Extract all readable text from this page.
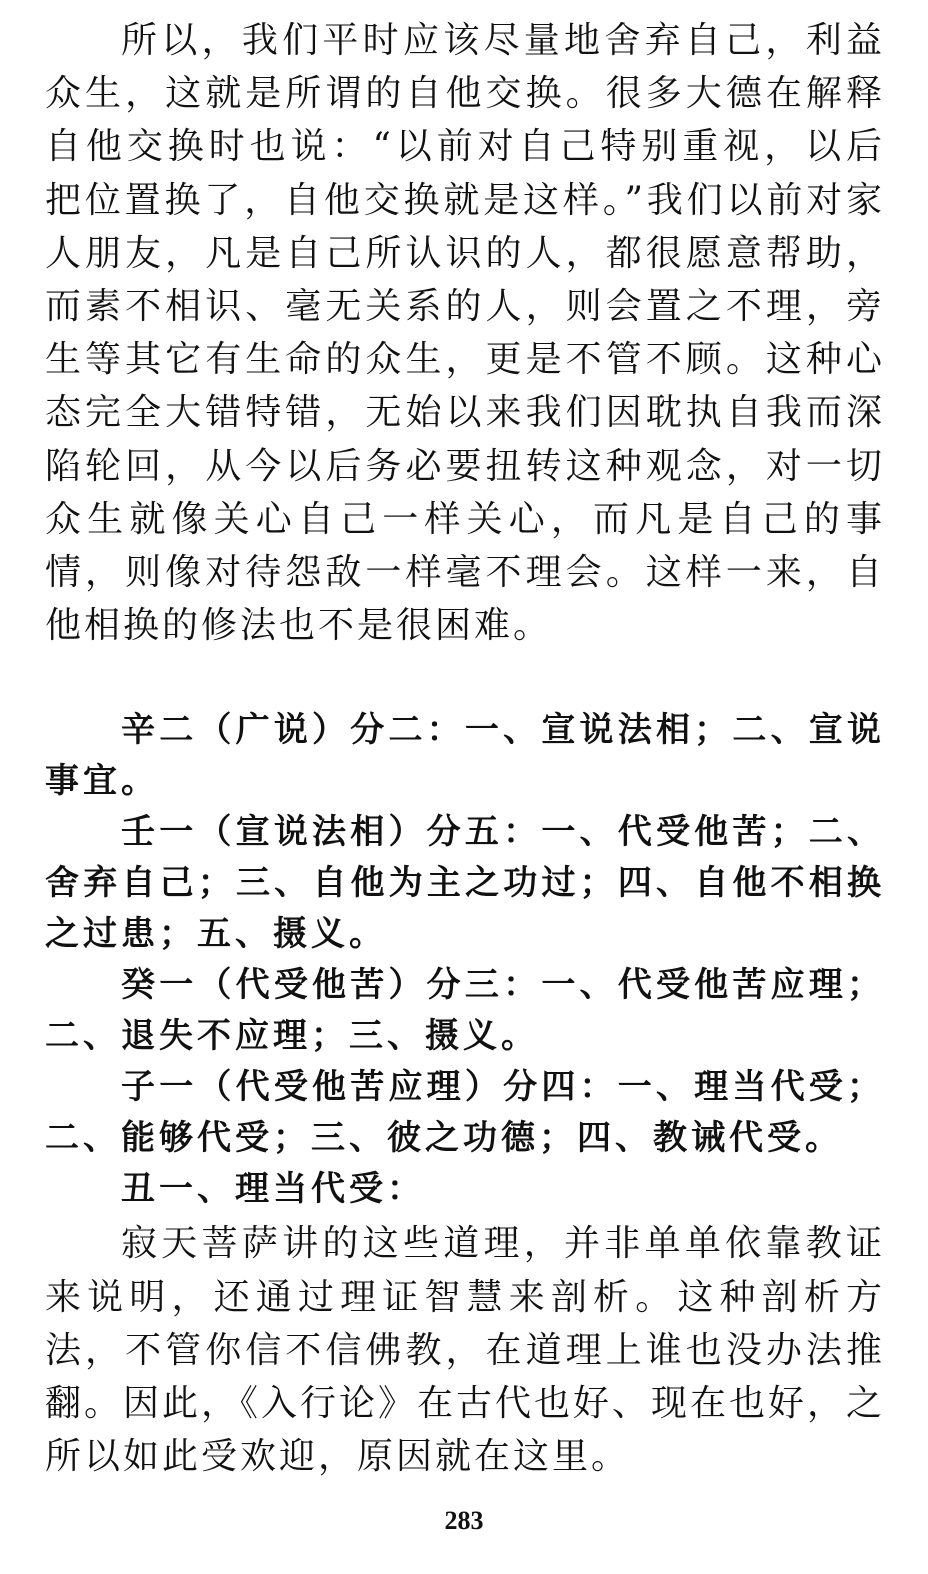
所以，我们平时应该尽量地舍弃自己，利益众生，这就是所谓的自他交换。很多大德在解释自他交换时也说：“以前对自己特别重视，以后把位置换了，自他交换就是这样。”我们以前对家人朋友，凡是自己所认识的人，都很愿意帮助，而素不相识、毫无关系的人，则会置之不理，旁生等其它有生命的众生，更是不管不顾。这种心态完全大错特错，无始以来我们因耽执自我而深陷轮回，从今以后务必要扭转这种观念，对一切众生就像关心自己一样关心，而凡是自己的事情，则像对待怨敌一样毫不理会。这样一来，自他相换的修法也不是很困难。

辛二（广说）分二：一、宣说法相；二、宣说事宜。

壬一（宣说法相）分五：一、代受他苦；二、舍弃自己；三、自他为主之功过；四、自他不相换之过患；五、摄义。

癸一（代受他苦）分三：一、代受他苦应理；二、退失不应理；三、摄义。

子一（代受他苦应理）分四：一、理当代受；二、能够代受；三、彼之功德；四、教诫代受。

丑一、理当代受：

寂天菩萨讲的这些道理，并非单单依靠教证来说明，还通过理证智慧来剖析。这种剖析方法，不管你信不信佛教，在道理上谁也没办法推翻。因此，《入行论》在古代也好、现在也好，之所以如此受欢迎，原因就在这里。

283
